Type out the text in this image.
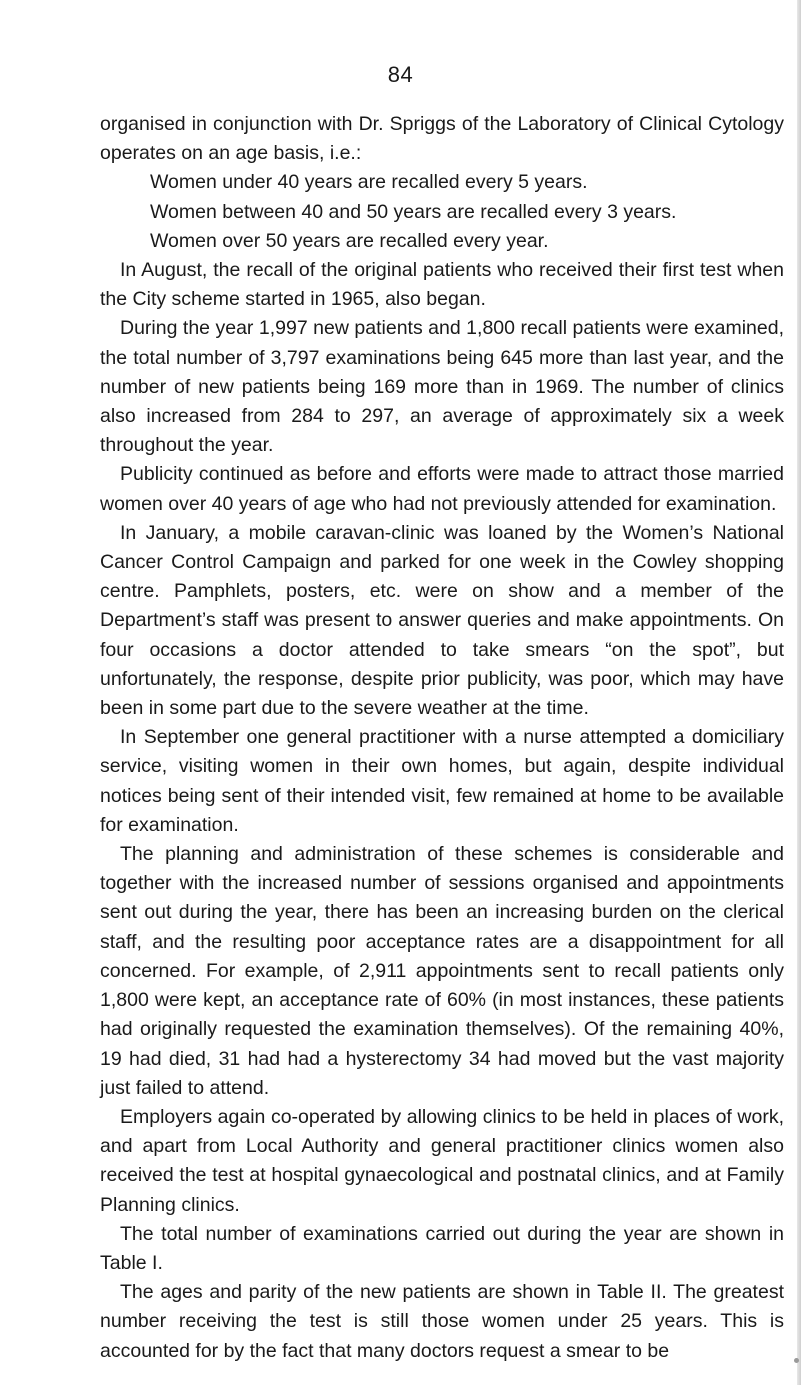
84

organised in conjunction with Dr. Spriggs of the Laboratory of Clinical Cytology operates on an age basis, i.e.:

Women under 40 years are recalled every 5 years.

Women between 40 and 50 years are recalled every 3 years.

Women over 50 years are recalled every year.

In August, the recall of the original patients who received their first test when the City scheme started in 1965, also began.

During the year 1,997 new patients and 1,800 recall patients were examined, the total number of 3,797 examinations being 645 more than last year, and the number of new patients being 169 more than in 1969. The number of clinics also increased from 284 to 297, an average of approximately six a week throughout the year.

Publicity continued as before and efforts were made to attract those married women over 40 years of age who had not previously attended for examination.

In January, a mobile caravan-clinic was loaned by the Women’s National Cancer Control Campaign and parked for one week in the Cowley shopping centre. Pamphlets, posters, etc. were on show and a member of the Department’s staff was present to answer queries and make appointments. On four occasions a doctor attended to take smears “on the spot”, but unfortunately, the response, despite prior publicity, was poor, which may have been in some part due to the severe weather at the time.

In September one general practitioner with a nurse attempted a domiciliary service, visiting women in their own homes, but again, despite individual notices being sent of their intended visit, few remained at home to be available for examination.

The planning and administration of these schemes is considerable and together with the increased number of sessions organised and appointments sent out during the year, there has been an increasing burden on the clerical staff, and the resulting poor acceptance rates are a disappointment for all concerned. For example, of 2,911 appointments sent to recall patients only 1,800 were kept, an acceptance rate of 60% (in most instances, these patients had originally requested the examination themselves). Of the remaining 40%, 19 had died, 31 had had a hysterectomy 34 had moved but the vast majority just failed to attend.

Employers again co-operated by allowing clinics to be held in places of work, and apart from Local Authority and general practitioner clinics women also received the test at hospital gynaecological and postnatal clinics, and at Family Planning clinics.

The total number of examinations carried out during the year are shown in Table I.

The ages and parity of the new patients are shown in Table II. The greatest number receiving the test is still those women under 25 years. This is accounted for by the fact that many doctors request a smear to be
